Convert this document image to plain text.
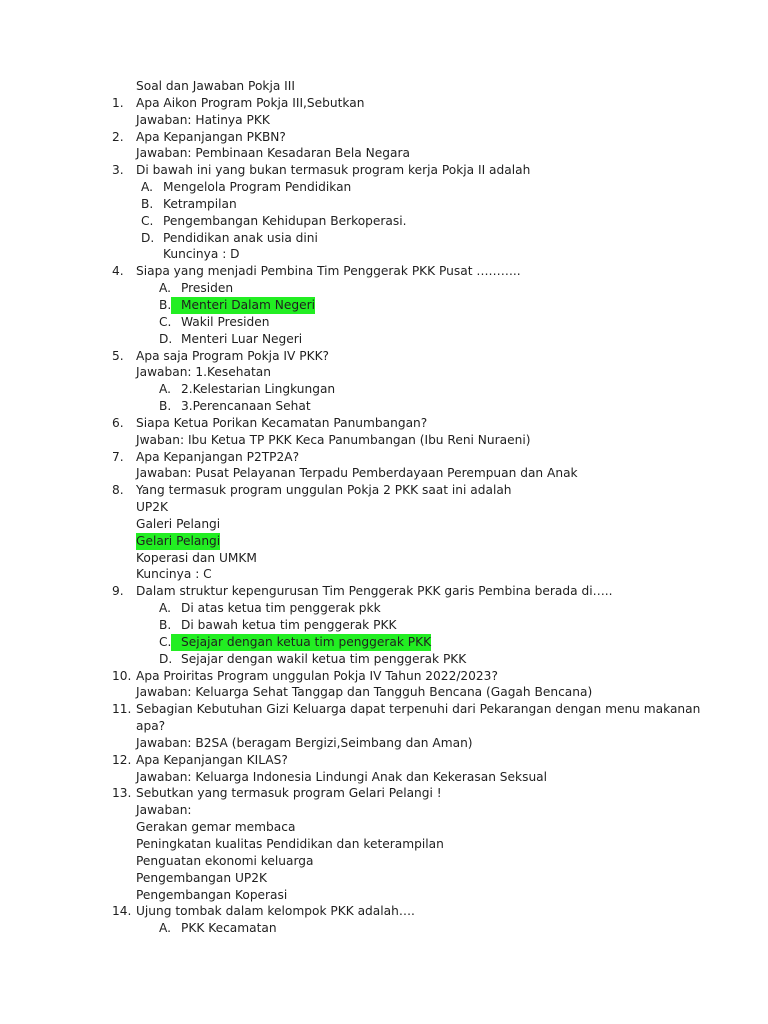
Soal dan Jawaban Pokja III
1. Apa Aikon Program Pokja III,Sebutkan
Jawaban: Hatinya PKK
2. Apa Kepanjangan PKBN?
Jawaban: Pembinaan Kesadaran Bela Negara
3. Di bawah ini yang bukan termasuk program kerja Pokja II adalah
A. Mengelola Program Pendidikan
B. Ketrampilan
C. Pengembangan Kehidupan Berkoperasi.
D. Pendidikan anak usia dini
Kuncinya : D
4. Siapa yang menjadi Pembina Tim Penggerak PKK Pusat ………..
A. Presiden
B. Menteri Dalam Negeri
C. Wakil Presiden
D. Menteri Luar Negeri
5. Apa saja Program Pokja IV PKK?
Jawaban: 1.Kesehatan
A. 2.Kelestarian Lingkungan
B. 3.Perencanaan Sehat
6. Siapa Ketua Porikan Kecamatan Panumbangan?
Jwaban: Ibu Ketua TP PKK Keca Panumbangan (Ibu Reni Nuraeni)
7. Apa Kepanjangan P2TP2A?
Jawaban: Pusat Pelayanan Terpadu Pemberdayaan Perempuan dan Anak
8. Yang termasuk program unggulan Pokja 2 PKK saat ini adalah
UP2K
Galeri Pelangi
Gelari Pelangi
Koperasi dan UMKM
Kuncinya : C
9. Dalam struktur kepengurusan Tim Penggerak PKK garis Pembina berada di…..
A. Di atas ketua tim penggerak pkk
B. Di bawah ketua tim penggerak PKK
C. Sejajar dengan ketua tim penggerak PKK
D. Sejajar dengan wakil ketua tim penggerak PKK
10. Apa Proiritas Program unggulan Pokja IV Tahun 2022/2023?
Jawaban: Keluarga Sehat Tanggap dan Tangguh Bencana (Gagah Bencana)
11. Sebagian Kebutuhan Gizi Keluarga dapat terpenuhi dari Pekarangan dengan menu makanan
apa?
Jawaban: B2SA (beragam Bergizi,Seimbang dan Aman)
12. Apa Kepanjangan KILAS?
Jawaban: Keluarga Indonesia Lindungi Anak dan Kekerasan Seksual
13. Sebutkan yang termasuk program Gelari Pelangi !
Jawaban:
Gerakan gemar membaca
Peningkatan kualitas Pendidikan dan keterampilan
Penguatan ekonomi keluarga
Pengembangan UP2K
Pengembangan Koperasi
14. Ujung tombak dalam kelompok PKK adalah….
A. PKK Kecamatan
